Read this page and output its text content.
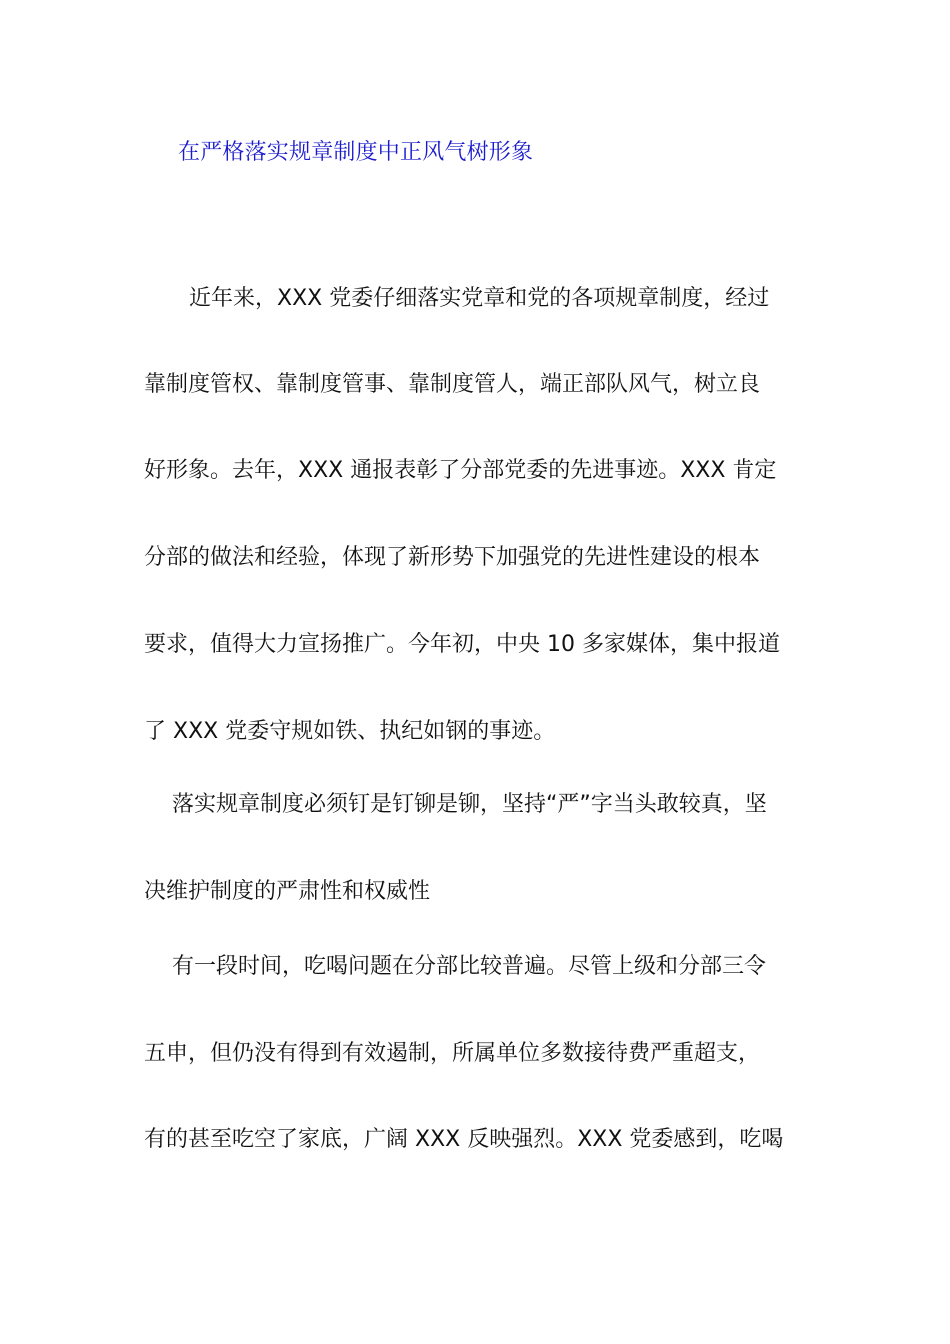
在严格落实规章制度中正风气树形象
近年来，XXX 党委仔细落实党章和党的各项规章制度，经过
靠制度管权、靠制度管事、靠制度管人，端正部队风气，树立良
好形象。去年，XXX 通报表彰了分部党委的先进事迹。XXX 肯定
分部的做法和经验，体现了新形势下加强党的先进性建设的根本
要求，值得大力宣扬推广。今年初，中央 10 多家媒体，集中报道
了 XXX 党委守规如铁、执纪如钢的事迹。
落实规章制度必须钉是钉铆是铆，坚持“严”字当头敢较真，坚
决维护制度的严肃性和权威性
有一段时间，吃喝问题在分部比较普遍。尽管上级和分部三令
五申，但仍没有得到有效遏制，所属单位多数接待费严重超支，
有的甚至吃空了家底，广阔 XXX 反映强烈。XXX 党委感到，吃喝
